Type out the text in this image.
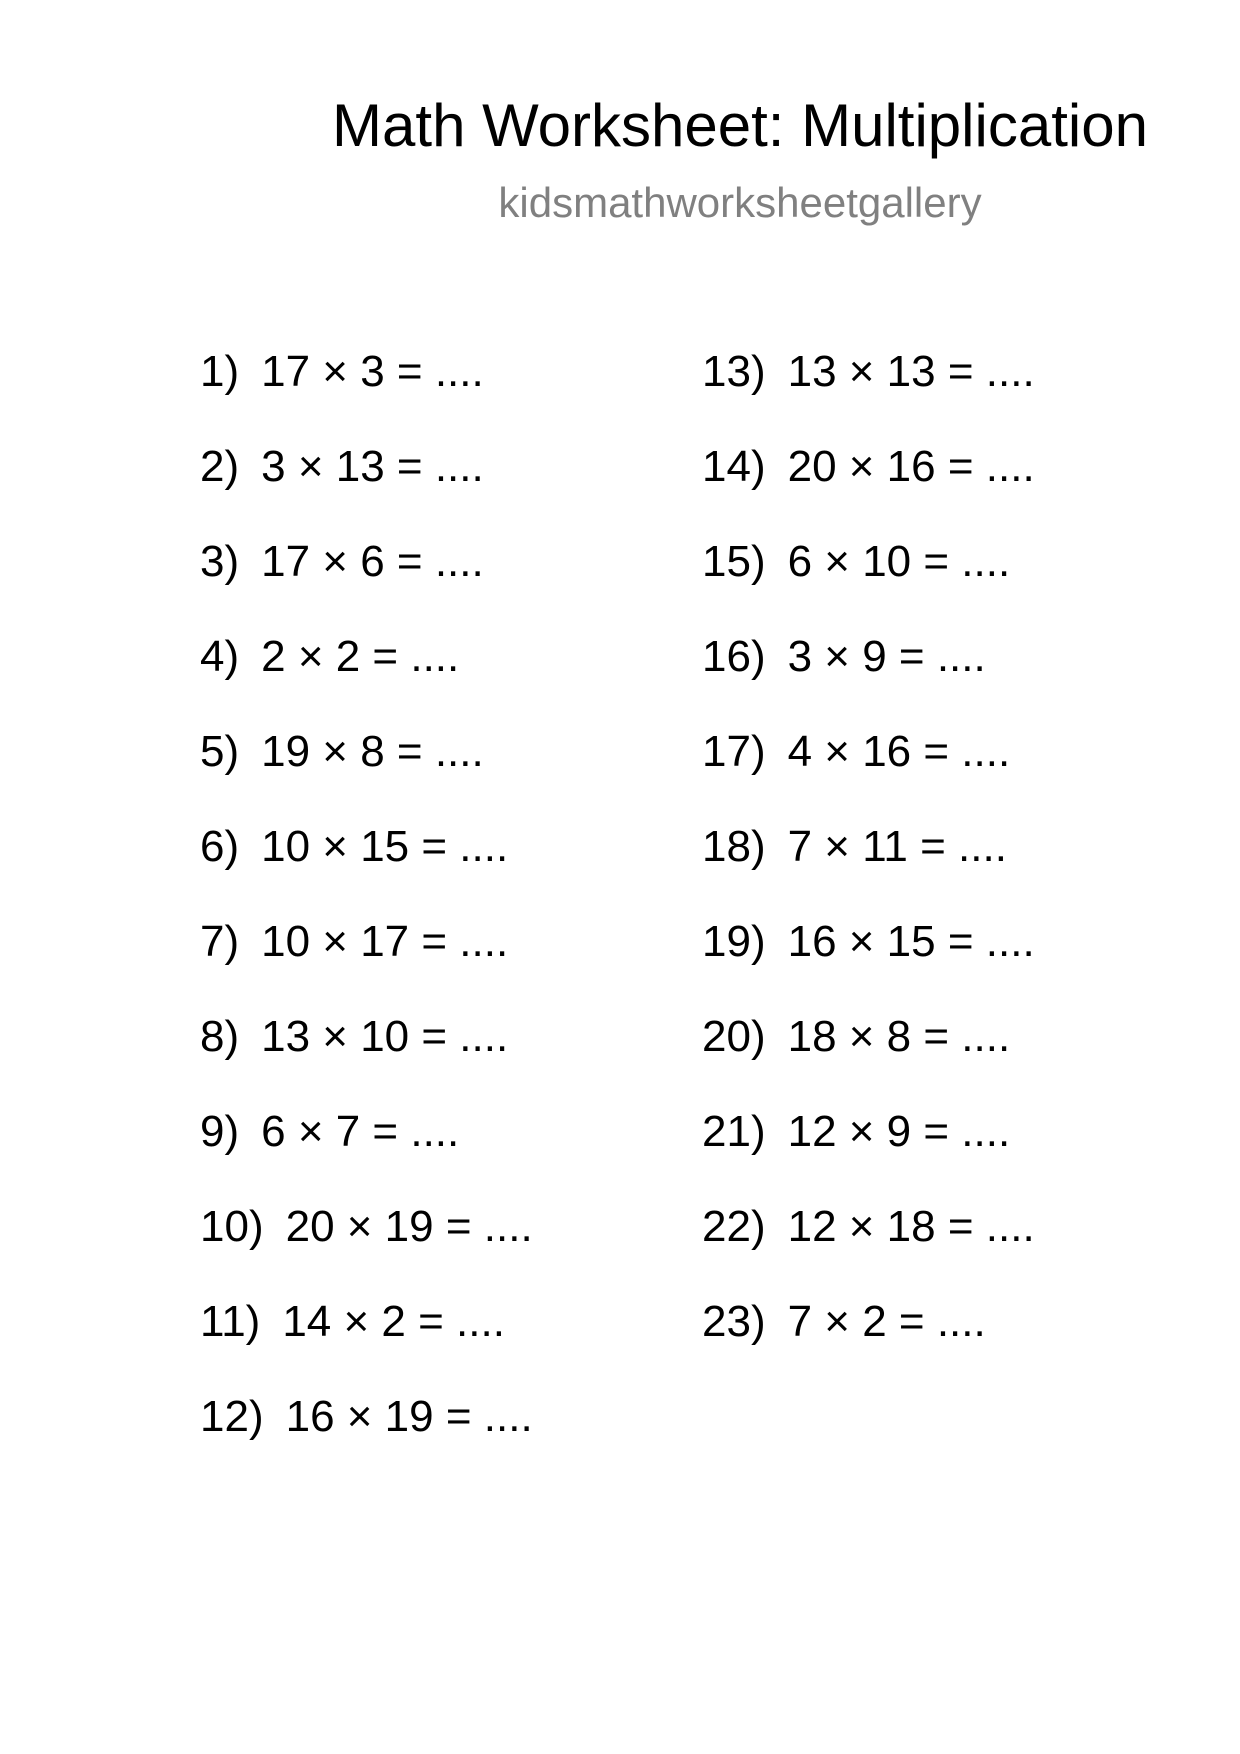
Math Worksheet: Multiplication
kidsmathworksheetgallery
1) 17 × 3 = ....
2) 3 × 13 = ....
3) 17 × 6 = ....
4) 2 × 2 = ....
5) 19 × 8 = ....
6) 10 × 15 = ....
7) 10 × 17 = ....
8) 13 × 10 = ....
9) 6 × 7 = ....
10) 20 × 19 = ....
11) 14 × 2 = ....
12) 16 × 19 = ....
13) 13 × 13 = ....
14) 20 × 16 = ....
15) 6 × 10 = ....
16) 3 × 9 = ....
17) 4 × 16 = ....
18) 7 × 11 = ....
19) 16 × 15 = ....
20) 18 × 8 = ....
21) 12 × 9 = ....
22) 12 × 18 = ....
23) 7 × 2 = ....
